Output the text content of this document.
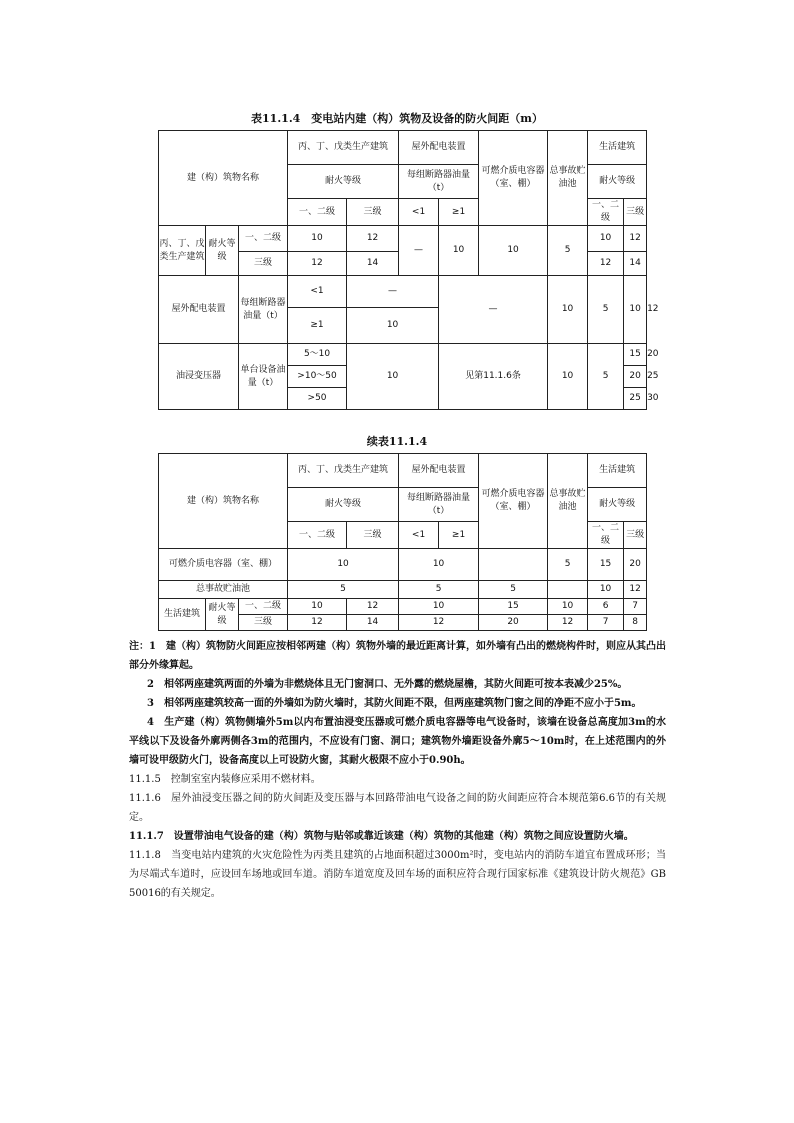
表11.1.4　变电站内建（构）筑物及设备的防火间距（m）
建（构）筑物名称			丙、丁、戊类生产建筑		屋外配电装置		可燃介质电容器（室、棚）	总事故贮油池	生活建筑		
			耐火等级		每组断路器油量（t）				耐火等级		
			一、二级	三级	<1	≥1			一、二级	三级	
丙、丁、戊类生产建筑	耐火等级	一、二级	10	12	—	10	10	5	10	12	
		三级	12	14					12	14	
屋外配电装置		每组断路器油量（t）	<1	—		—		10	5	10	12
			≥1	10							
油浸变压器		单台设备油量（t）	5～10	10		见第11.1.6条		10	5	15	20
			>10～50							20	25
			>50							25	30
续表11.1.4
建（构）筑物名称			丙、丁、戊类生产建筑		屋外配电装置		可燃介质电容器（室、棚）	总事故贮油池	生活建筑	
			耐火等级		每组断路器油量（t）				耐火等级	
			一、二级	三级	<1	≥1			一、二级	三级
可燃介质电容器（室、棚）			10		10			5	15	20
总事故贮油池			5		5		5		10	12
生活建筑	耐火等级	一、二级	10	12	10		15	10	6	7
		三级	12	14	12		20	12	7	8

注：1　建（构）筑物防火间距应按相邻两建（构）筑物外墙的最近距离计算，如外墙有凸出的燃烧构件时，则应从其凸出部分外缘算起。

2　相邻两座建筑两面的外墙为非燃烧体且无门窗洞口、无外露的燃烧屋檐，其防火间距可按本表减少25%。

3　相邻两座建筑较高一面的外墙如为防火墙时，其防火间距不限，但两座建筑物门窗之间的净距不应小于5m。

4　生产建（构）筑物侧墙外5m以内布置油浸变压器或可燃介质电容器等电气设备时，该墙在设备总高度加3m的水平线以下及设备外廓两侧各3m的范围内，不应设有门窗、洞口；建筑物外墙距设备外廓5～10m时，在上述范围内的外墙可设甲级防火门，设备高度以上可设防火窗，其耐火极限不应小于0.90h。

11.1.5　控制室室内装修应采用不燃材料。

11.1.6　屋外油浸变压器之间的防火间距及变压器与本回路带油电气设备之间的防火间距应符合本规范第6.6节的有关规定。

11.1.7　设置带油电气设备的建（构）筑物与贴邻或靠近该建（构）筑物的其他建（构）筑物之间应设置防火墙。

11.1.8　当变电站内建筑的火灾危险性为丙类且建筑的占地面积超过3000m²时，变电站内的消防车道宜布置成环形；当为尽端式车道时，应设回车场地或回车道。消防车道宽度及回车场的面积应符合现行国家标准《建筑设计防火规范》GB 50016的有关规定。
